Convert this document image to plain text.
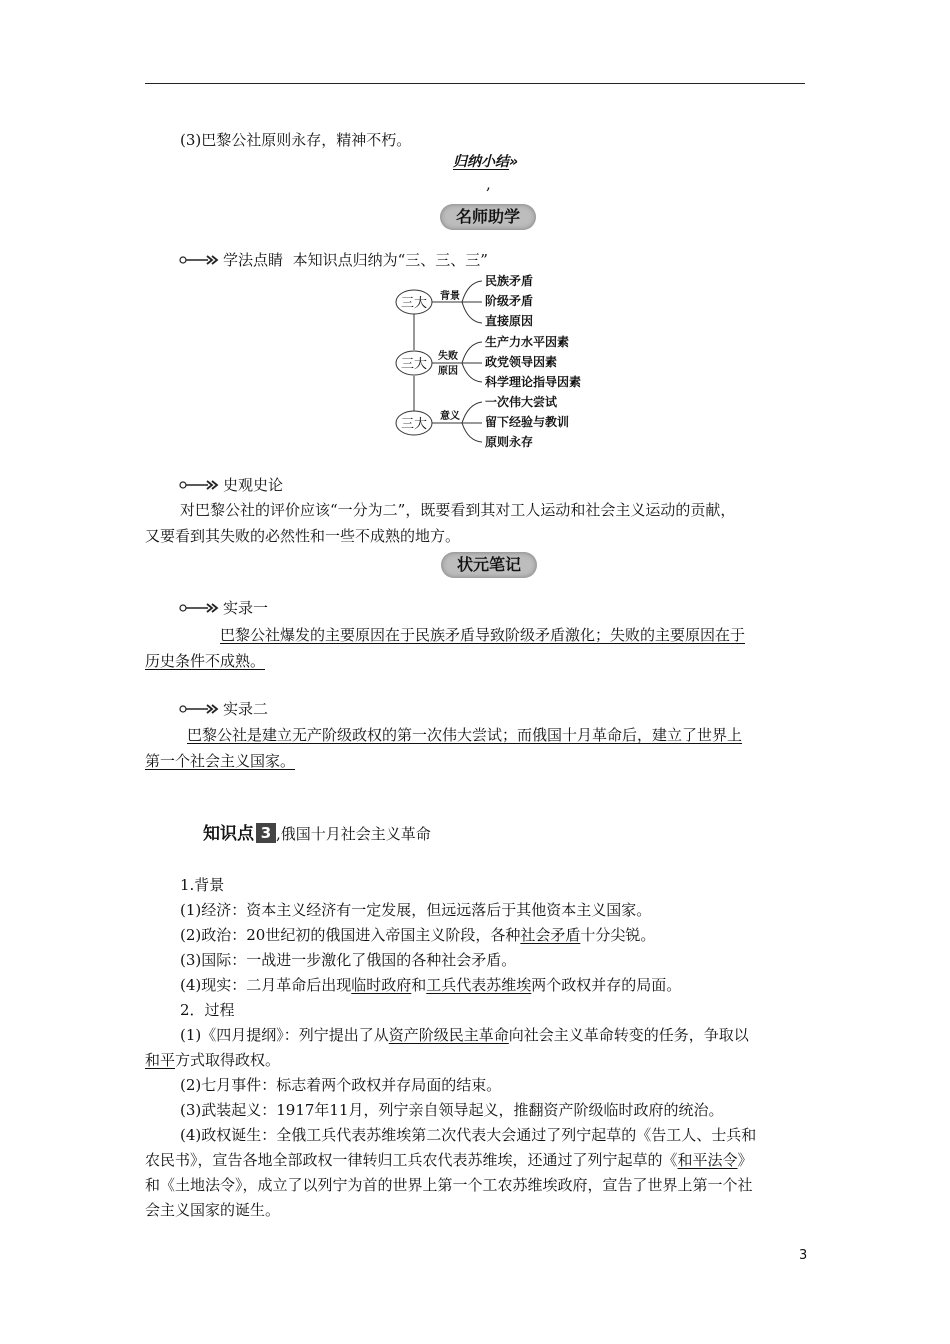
(3)巴黎公社原则永存，精神不朽。
归纳小结»
,
名师助学
学法点睛 本知识点归纳为“三、三、三”
三大 背景
民族矛盾
阶级矛盾
直接原因
三大
失败
原因
生产力水平因素
政党领导因素
科学理论指导因素
三大
意义
一次伟大尝试
留下经验与教训
原则永存
史观史论
对巴黎公社的评价应该“一分为二”，既要看到其对工人运动和社会主义运动的贡献，
又要看到其失败的必然性和一些不成熟的地方。
状元笔记
实录一
巴黎公社爆发的主要原因在于民族矛盾导致阶级矛盾激化；失败的主要原因在于
历史条件不成熟。
实录二
巴黎公社是建立无产阶级政权的第一次伟大尝试；而俄国十月革命后，建立了世界上
第一个社会主义国家。
知识点 3 ,俄国十月社会主义革命
1.背景
(1)经济：资本主义经济有一定发展，但远远落后于其他资本主义国家。
(2)政治：20世纪初的俄国进入帝国主义阶段，各种社会矛盾十分尖锐。
(3)国际：一战进一步激化了俄国的各种社会矛盾。
(4)现实：二月革命后出现临时政府和工兵代表苏维埃两个政权并存的局面。
2．过程
(1)《四月提纲》：列宁提出了从资产阶级民主革命向社会主义革命转变的任务，争取以
和平方式取得政权。
(2)七月事件：标志着两个政权并存局面的结束。
(3)武装起义：1917年11月，列宁亲自领导起义，推翻资产阶级临时政府的统治。
(4)政权诞生：全俄工兵代表苏维埃第二次代表大会通过了列宁起草的《告工人、士兵和
农民书》，宣告各地全部政权一律转归工兵农代表苏维埃，还通过了列宁起草的《和平法令》
和《土地法令》，成立了以列宁为首的世界上第一个工农苏维埃政府，宣告了世界上第一个社
会主义国家的诞生。
3
